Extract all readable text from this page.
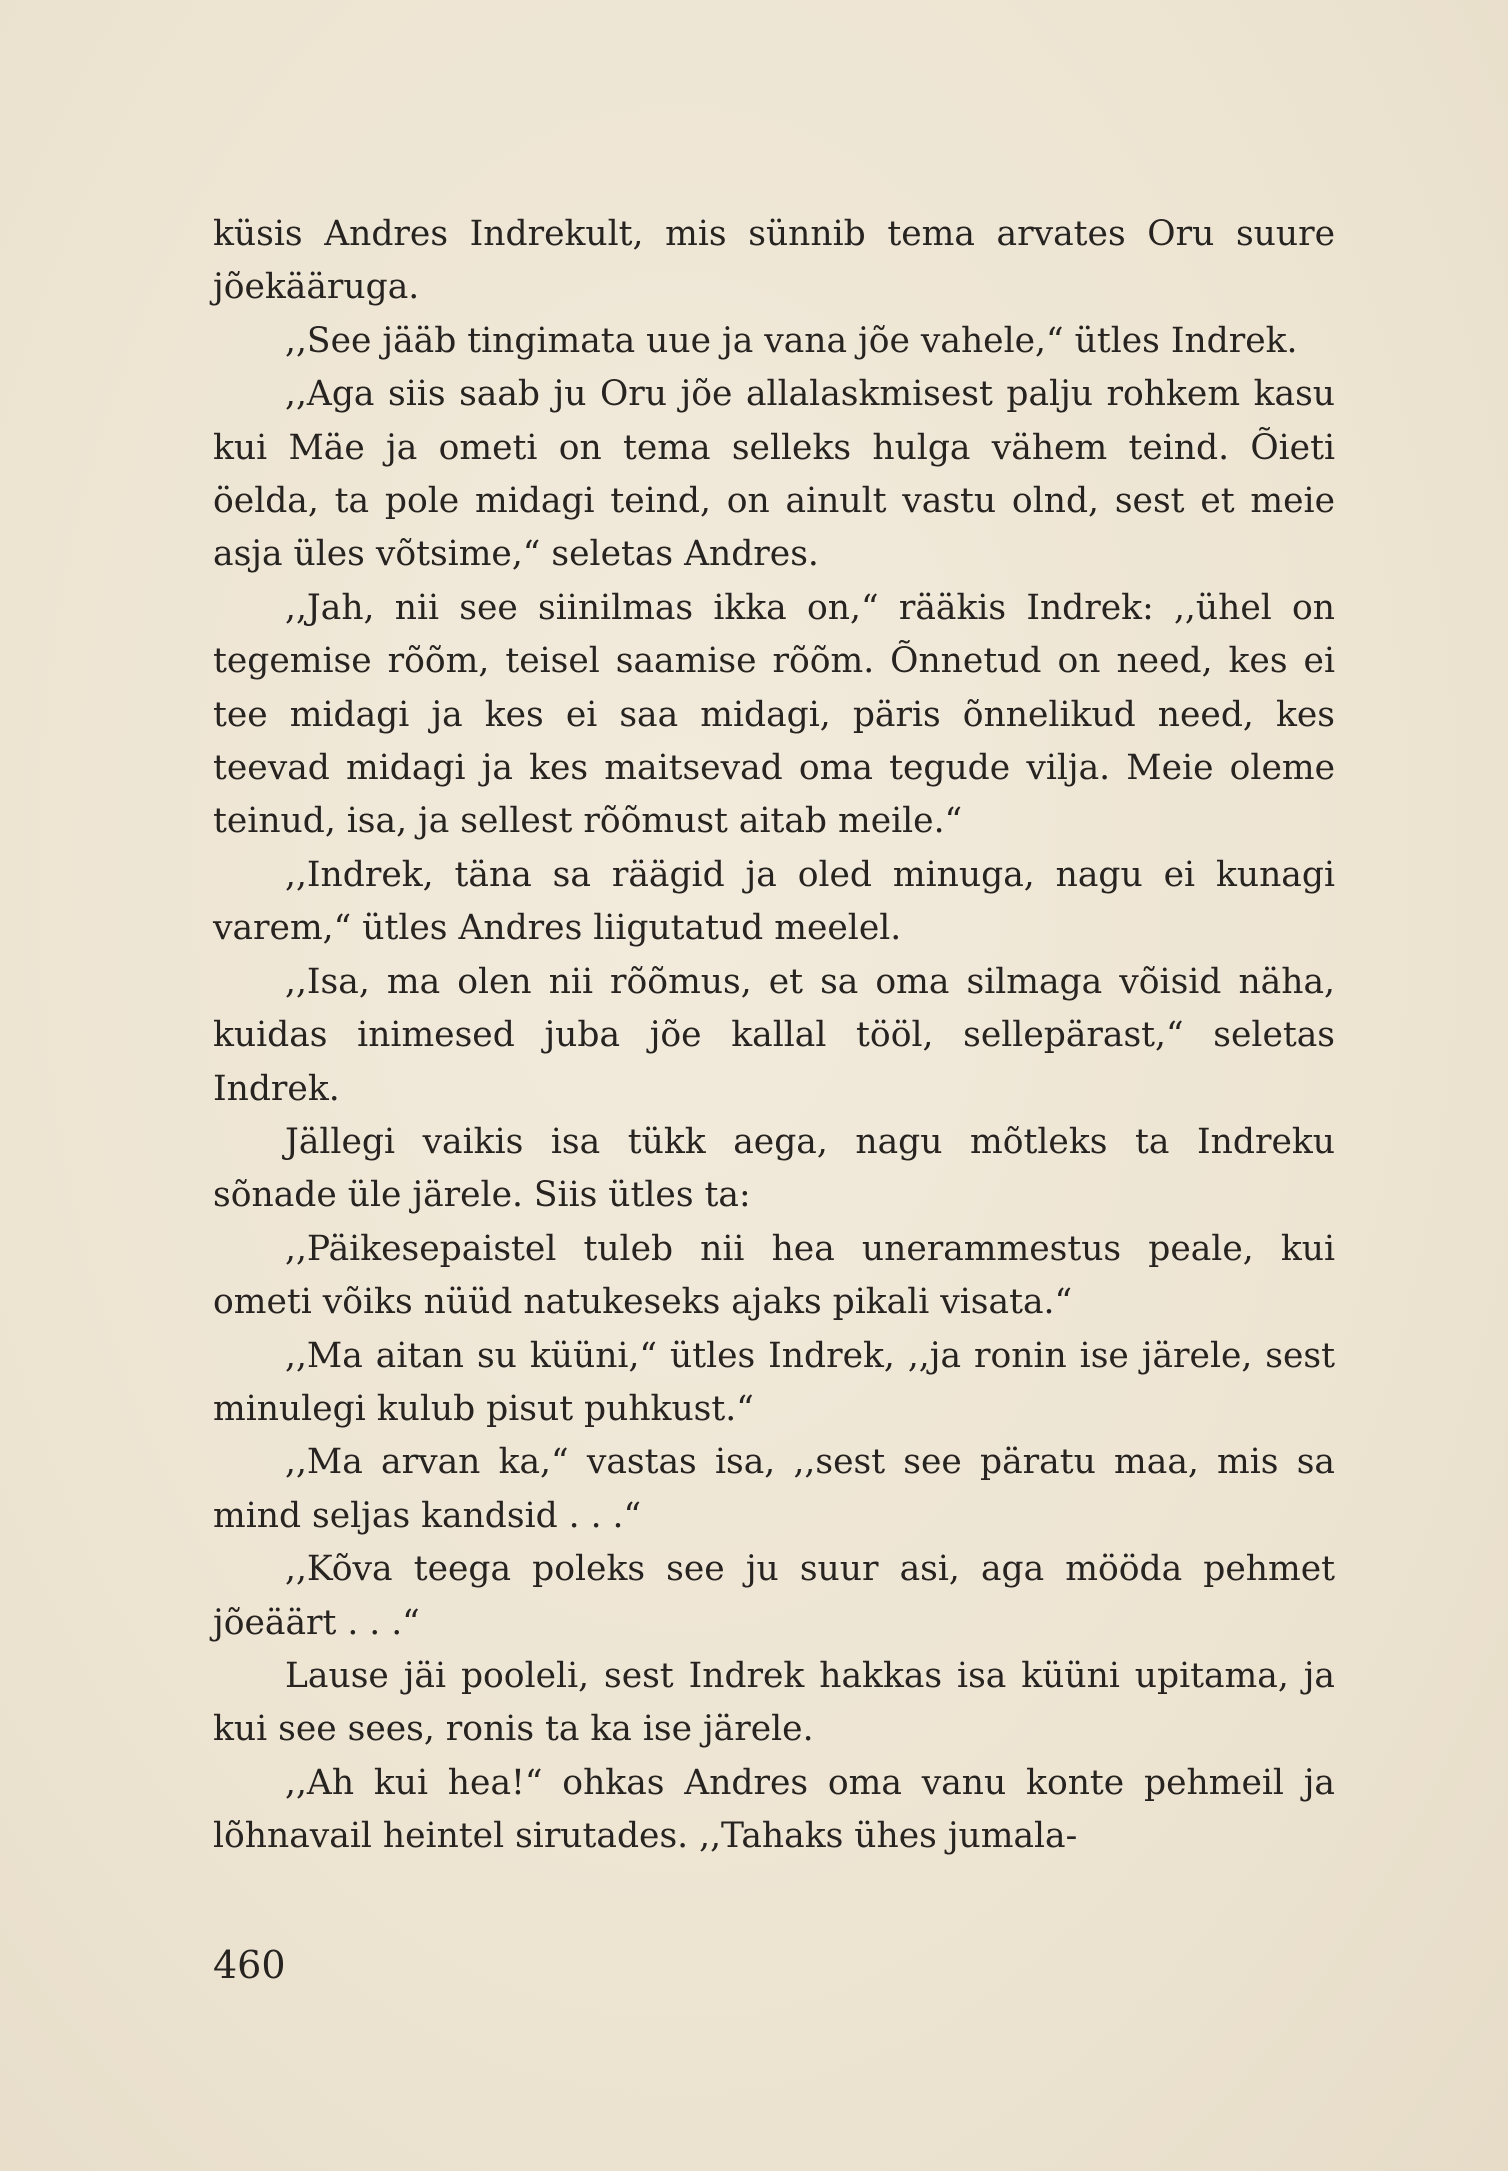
küsis Andres Indrekult, mis sünnib tema arvates Oru suure jõekääruga.

,,See jääb tingimata uue ja vana jõe vahele,“ ütles Indrek.

,,Aga siis saab ju Oru jõe allalaskmisest palju rohkem kasu kui Mäe ja ometi on tema selleks hulga vähem teind. Õieti öelda, ta pole midagi teind, on ainult vastu olnd, sest et meie asja üles võtsime,“ seletas Andres.

,,Jah, nii see siinilmas ikka on,“ rääkis Indrek: ,,ühel on tegemise rõõm, teisel saamise rõõm. Õnnetud on need, kes ei tee midagi ja kes ei saa midagi, päris õnnelikud need, kes teevad midagi ja kes maitsevad oma tegude vilja. Meie oleme teinud, isa, ja sellest rõõmust aitab meile.“

,,Indrek, täna sa räägid ja oled minuga, nagu ei kunagi varem,“ ütles Andres liigutatud meelel.

,,Isa, ma olen nii rõõmus, et sa oma silmaga võisid näha, kuidas inimesed juba jõe kallal tööl, sellepärast,“ seletas Indrek.

Jällegi vaikis isa tükk aega, nagu mõtleks ta Indreku sõnade üle järele. Siis ütles ta:

,,Päikesepaistel tuleb nii hea unerammestus peale, kui ometi võiks nüüd natukeseks ajaks pikali visata.“

,,Ma aitan su küüni,“ ütles Indrek, ,,ja ronin ise järele, sest minulegi kulub pisut puhkust.“

,,Ma arvan ka,“ vastas isa, ,,sest see päratu maa, mis sa mind seljas kandsid . . .“

,,Kõva teega poleks see ju suur asi, aga mööda pehmet jõeäärt . . .“

Lause jäi pooleli, sest Indrek hakkas isa küüni upitama, ja kui see sees, ronis ta ka ise järele.

,,Ah kui hea!“ ohkas Andres oma vanu konte pehmeil ja lõhnavail heintel sirutades. ,,Tahaks ühes jumala-

460
